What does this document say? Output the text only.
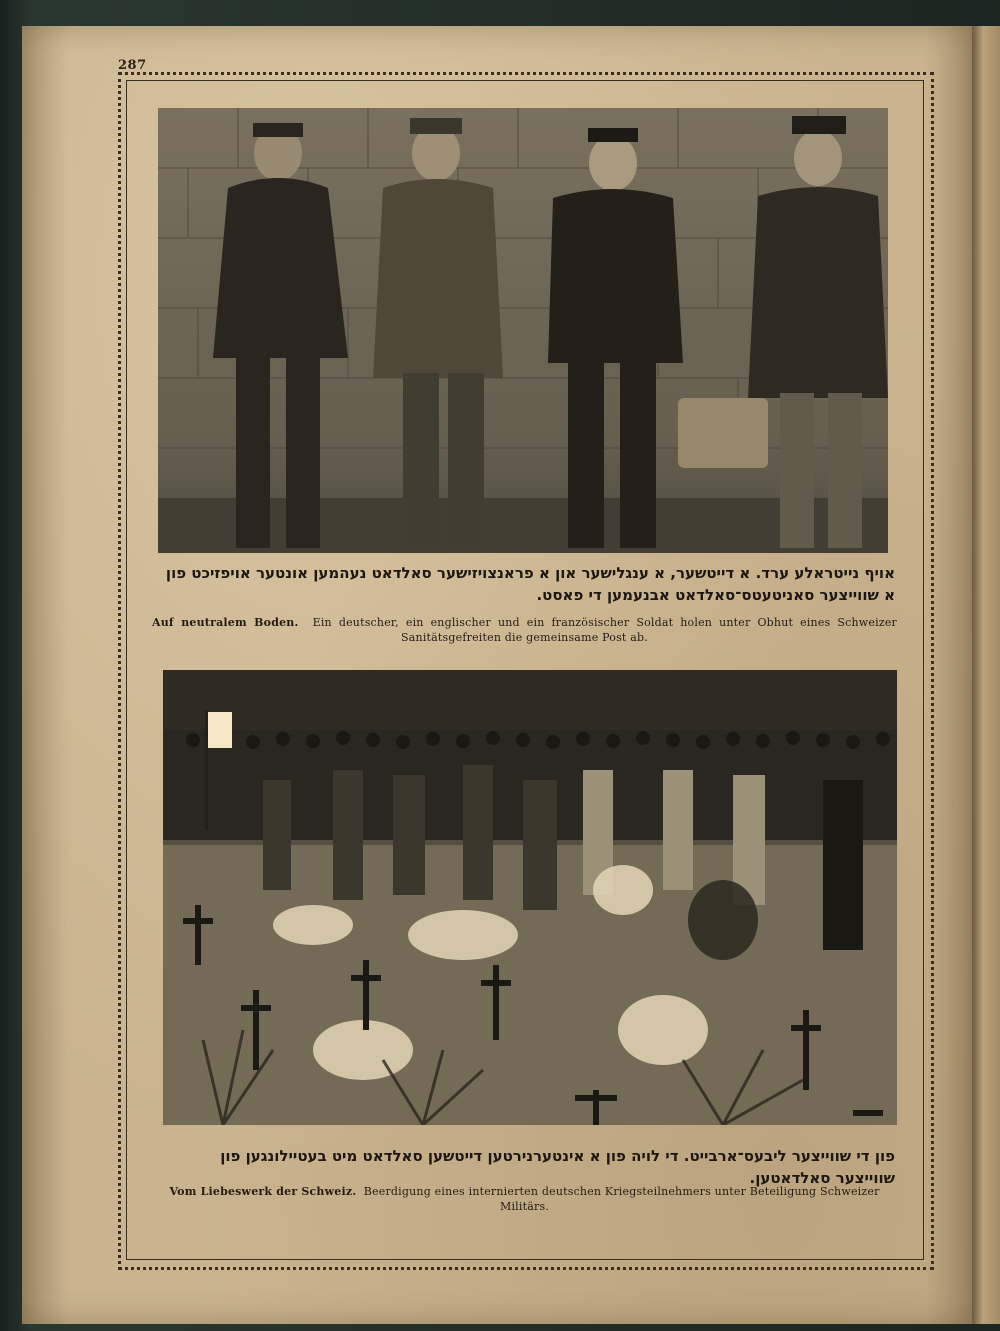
287
אויף נייטראלע ערד. א דייטשער, א ענגלישער און א פראנצויזישער סאלדאט נעהמען אונטער אויפזיכט פון א שווייצער סאניטעטס־סאלדאט אבנעמען די פאסט.
Auf neutralem Boden. Ein deutscher, ein englischer und ein französischer Soldat holen unter Obhut eines Schweizer Sanitätsgefreiten die gemeinsame Post ab.
פון די שווייצער ליבעס־ארבייט. די לויה פון א אינטערנירטען דייטשען סאלדאט מיט בעטיילונגען פון שווייצער סאלדאטען.
Vom Liebeswerk der Schweiz. Beerdigung eines internierten deutschen Kriegsteilnehmers unter Beteiligung Schweizer Militärs.
